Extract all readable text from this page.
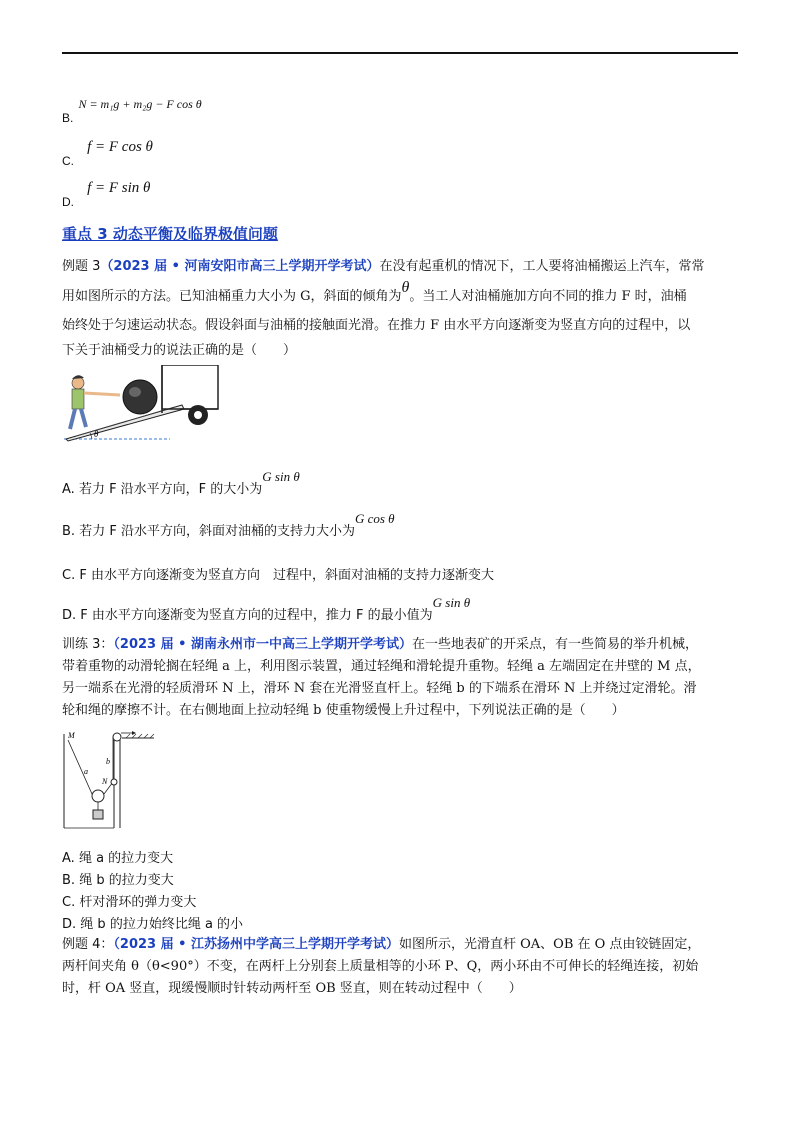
$_{B.}$ N = m₁g + m₂g − F cos θ
$_{C.}$ f = F cos θ
$_{D.}$ f = F sin θ
重点 3 动态平衡及临界极值问题
例题 3（2023 届 • 河南安阳市高三上学期开学考试）在没有起重机的情况下，工人要将油桶搬运上汽车，常常
用如图所示的方法。已知油桶重力大小为 G，斜面的倾角为θ。当工人对油桶施加方向不同的推力 F 时，油桶
始终处于匀速运动状态。假设斜面与油桶的接触面光滑。在推力 F 由水平方向逐渐变为竖直方向的过程中，以
下关于油桶受力的说法正确的是（　　）
θ
A. 若力 F 沿水平方向，F 的大小为G sin θ
B. 若力 F 沿水平方向，斜面对油桶的支持力大小为G cos θ
C. F 由水平方向逐渐变为竖直方向　过程中，斜面对油桶的支持力逐渐变大
D. F 由水平方向逐渐变为竖直方向的过程中，推力 F 的最小值为G sin θ
训练 3：（2023 届 • 湖南永州市一中高三上学期开学考试）在一些地表矿的开采点，有一些简易的举升机械，
带着重物的动滑轮搁在轻绳 a 上，利用图示装置，通过轻绳和滑轮提升重物。轻绳 a 左端固定在井壁的 M 点，
另一端系在光滑的轻质滑环 N 上，滑环 N 套在光滑竖直杆上。轻绳 b 的下端系在滑环 N 上并绕过定滑轮。滑
轮和绳的摩擦不计。在右侧地面上拉动轻绳 b 使重物缓慢上升过程中，下列说法正确的是（　　）
M
a
b
N
A. 绳 a 的拉力变大
B. 绳 b 的拉力变大
C. 杆对滑环的弹力变大
D. 绳 b 的拉力始终比绳 a 的小
例题 4：（2023 届 • 江苏扬州中学高三上学期开学考试）如图所示，光滑直杆 OA、OB 在 O 点由铰链固定，
两杆间夹角 θ（θ<90°）不变，在两杆上分别套上质量相等的小环 P、Q，两小环由不可伸长的轻绳连接，初始
时，杆 OA 竖直，现缓慢顺时针转动两杆至 OB 竖直，则在转动过程中（　　）
